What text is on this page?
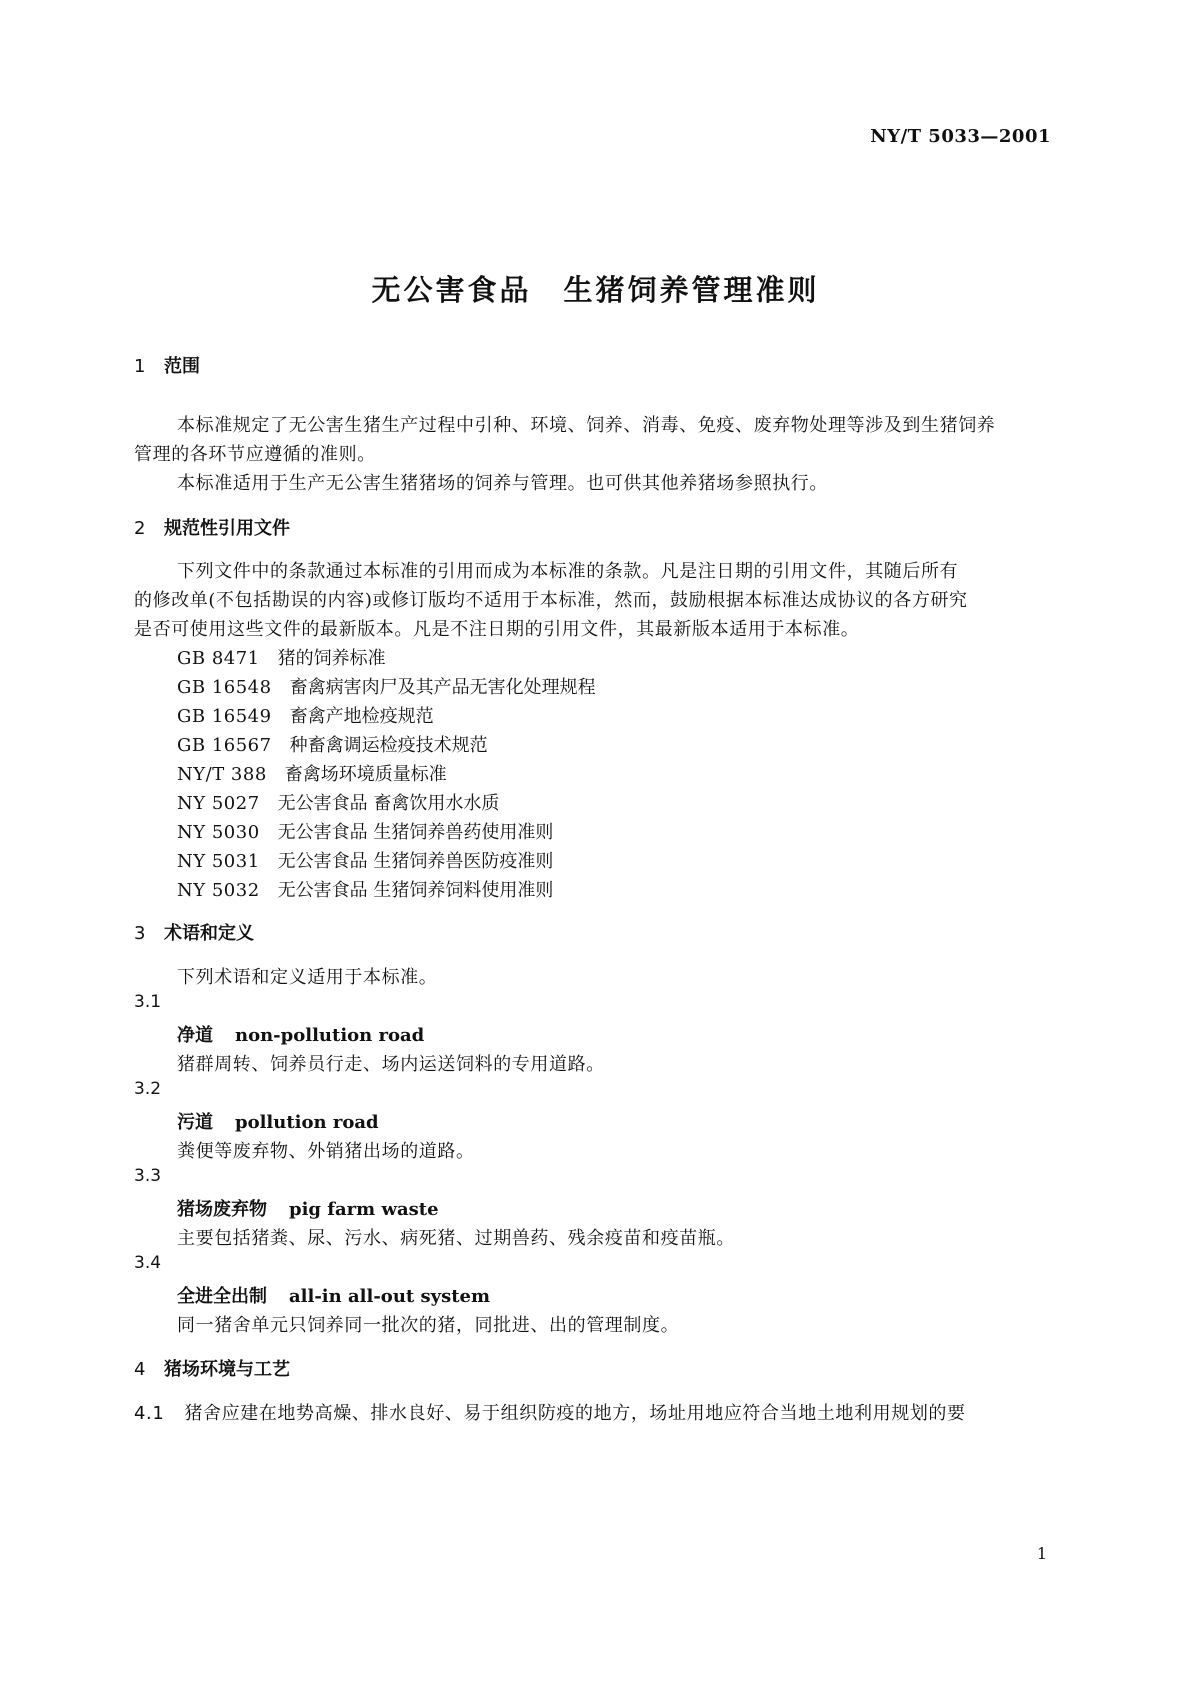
NY/T 5033—2001
无公害食品　生猪饲养管理准则
1 范围
本标准规定了无公害生猪生产过程中引种、环境、饲养、消毒、免疫、废弃物处理等涉及到生猪饲养
管理的各环节应遵循的准则。
本标准适用于生产无公害生猪猪场的饲养与管理。也可供其他养猪场参照执行。
2 规范性引用文件
下列文件中的条款通过本标准的引用而成为本标准的条款。凡是注日期的引用文件，其随后所有
的修改单(不包括勘误的内容)或修订版均不适用于本标准，然而，鼓励根据本标准达成协议的各方研究
是否可使用这些文件的最新版本。凡是不注日期的引用文件，其最新版本适用于本标准。
GB 8471 猪的饲养标准
GB 16548 畜禽病害肉尸及其产品无害化处理规程
GB 16549 畜禽产地检疫规范
GB 16567 种畜禽调运检疫技术规范
NY/T 388 畜禽场环境质量标准
NY 5027 无公害食品 畜禽饮用水水质
NY 5030 无公害食品 生猪饲养兽药使用准则
NY 5031 无公害食品 生猪饲养兽医防疫准则
NY 5032 无公害食品 生猪饲养饲料使用准则
3 术语和定义
下列术语和定义适用于本标准。
3.1
净道 non-pollution road
猪群周转、饲养员行走、场内运送饲料的专用道路。
3.2
污道 pollution road
粪便等废弃物、外销猪出场的道路。
3.3
猪场废弃物 pig farm waste
主要包括猪粪、尿、污水、病死猪、过期兽药、残余疫苗和疫苗瓶。
3.4
全进全出制 all-in all-out system
同一猪舍单元只饲养同一批次的猪，同批进、出的管理制度。
4 猪场环境与工艺
4.1 猪舍应建在地势高燥、排水良好、易于组织防疫的地方，场址用地应符合当地土地利用规划的要
1
